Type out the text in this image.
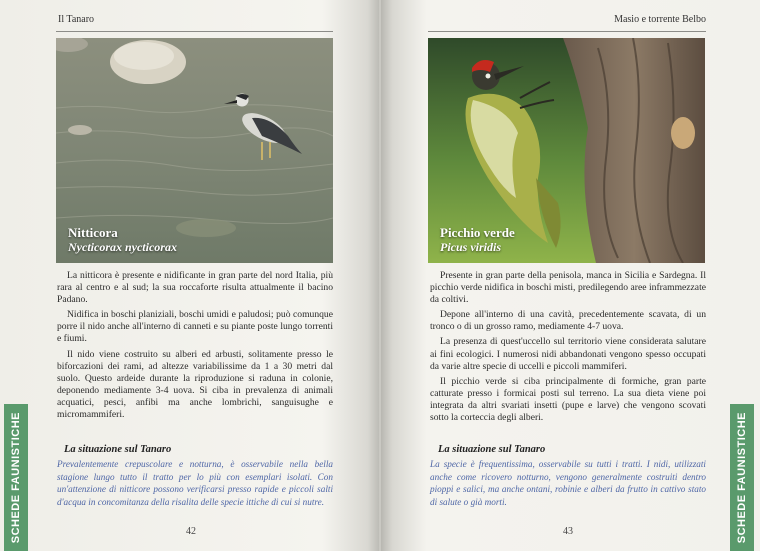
Il Tanaro
Nitticora
Nycticorax nycticorax

La nitticora è presente e nidificante in gran parte del nord Italia, più rara al centro e al sud; la sua roccaforte risulta attualmente il bacino Padano.

Nidifica in boschi planiziali, boschi umidi e paludosi; può comunque porre il nido anche all'interno di canneti e su piante poste lungo torrenti e fiumi.

Il nido viene costruito su alberi ed arbusti, solitamente presso le biforcazioni dei rami, ad altezze variabilissime da 1 a 30 metri dal suolo. Questo ardeide durante la riproduzione si raduna in colonie, deponendo mediamente 3-4 uova. Si ciba in prevalenza di animali acquatici, pesci, anfibi ma anche lombrichi, sanguisughe e micromammiferi.

La situazione sul Tanaro

Prevalentemente crepuscolare e notturna, è osservabile nella bella stagione lungo tutto il tratto per lo più con esemplari isolati. Con un'attenzione di nitticore possono verificarsi presso rapide e piccoli salti d'acqua in concomitanza della risalita delle specie ittiche di cui si nutre.

42
SCHEDE FAUNISTICHE
Masio e torrente Belbo
Picchio verde
Picus viridis

Presente in gran parte della penisola, manca in Sicilia e Sardegna. Il picchio verde nidifica in boschi misti, predilegendo aree inframmezzate da coltivi.

Depone all'interno di una cavità, precedentemente scavata, di un tronco o di un grosso ramo, mediamente 4-7 uova.

La presenza di quest'uccello sul territorio viene considerata salutare ai fini ecologici. I numerosi nidi abbandonati vengono spesso occupati da varie altre specie di uccelli e piccoli mammiferi.

Il picchio verde si ciba principalmente di formiche, gran parte catturate presso i formicai posti sul terreno. La sua dieta viene poi integrata da altri svariati insetti (pupe e larve) che vengono scovati sotto la corteccia degli alberi.

La situazione sul Tanaro

La specie è frequentissima, osservabile su tutti i tratti. I nidi, utilizzati anche come ricovero notturno, vengono generalmente costruiti dentro pioppi e salici, ma anche ontani, robinie e alberi da frutto in cattivo stato di salute o già morti.

43	SCHEDE FAUNISTICHE
